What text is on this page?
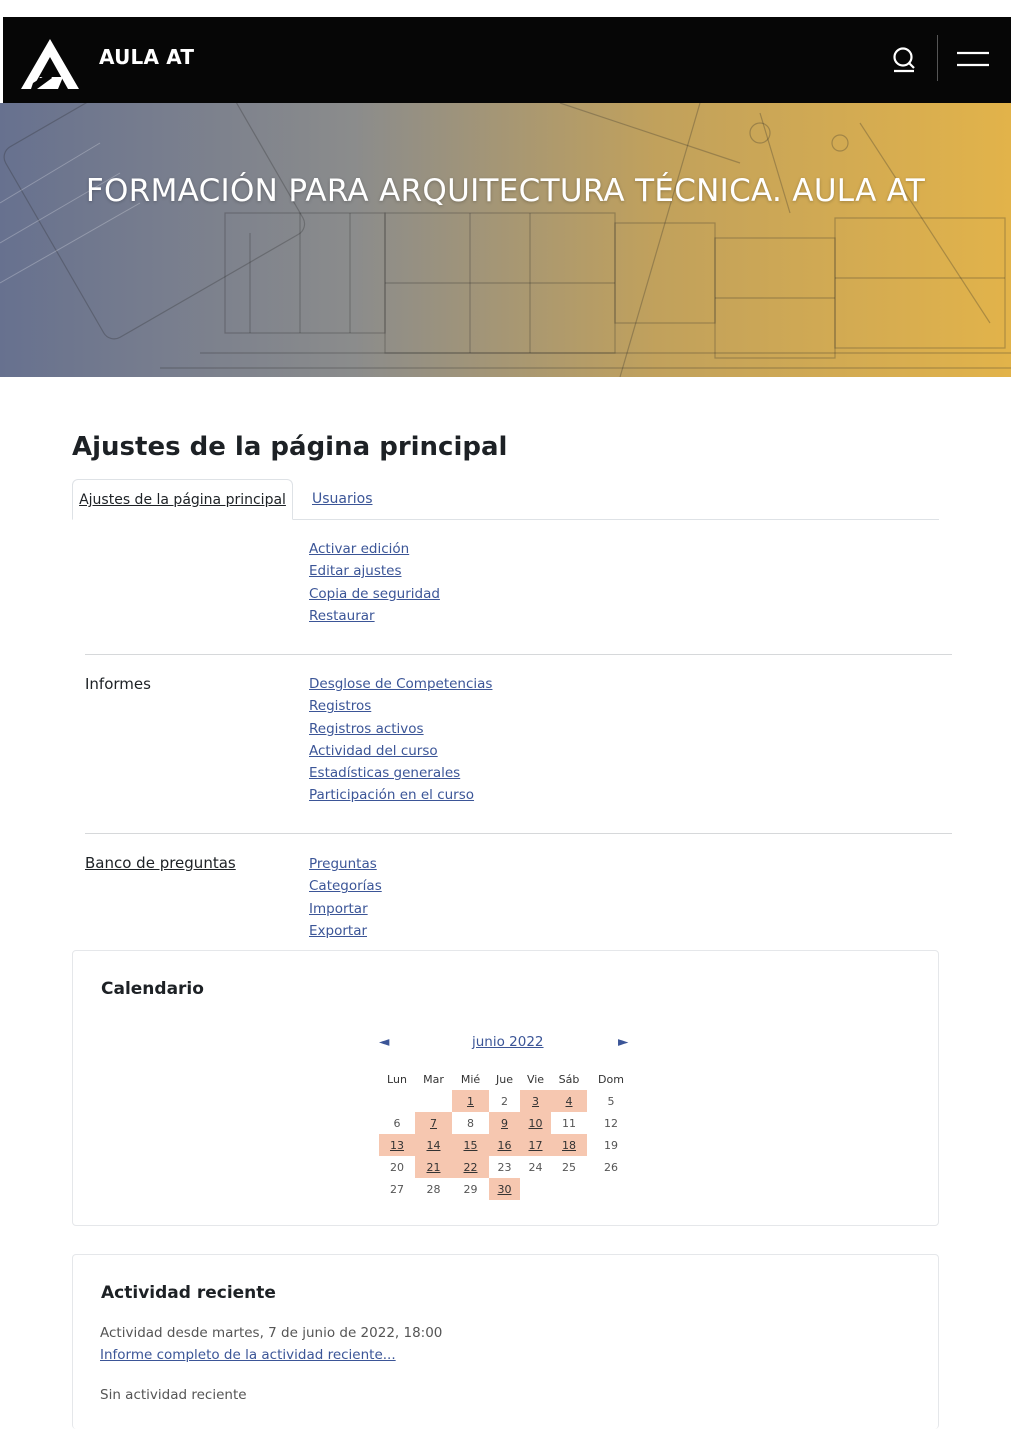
AULA AT
FORMACIÓN PARA ARQUITECTURA TÉCNICA. AULA AT
Ajustes de la página principal
Ajustes de la página principal	Usuarios
Activar edición
Editar ajustes
Copia de seguridad
Restaurar
Informes	Desglose de Competencias
Registros
Registros activos
Actividad del curso
Estadísticas generales
Participación en el curso
Banco de preguntas	Preguntas
Categorías
Importar
Exportar
Calendario
◄	junio 2022	►
Lun	Mar	Mié	Jue	Vie	Sáb	Dom
		1	2	3	4	5
6	7	8	9	10	11	12
13	14	15	16	17	18	19
20	21	22	23	24	25	26
27	28	29	30			
Actividad reciente
Actividad desde martes, 7 de junio de 2022, 18:00
Informe completo de la actividad reciente...
Sin actividad reciente
